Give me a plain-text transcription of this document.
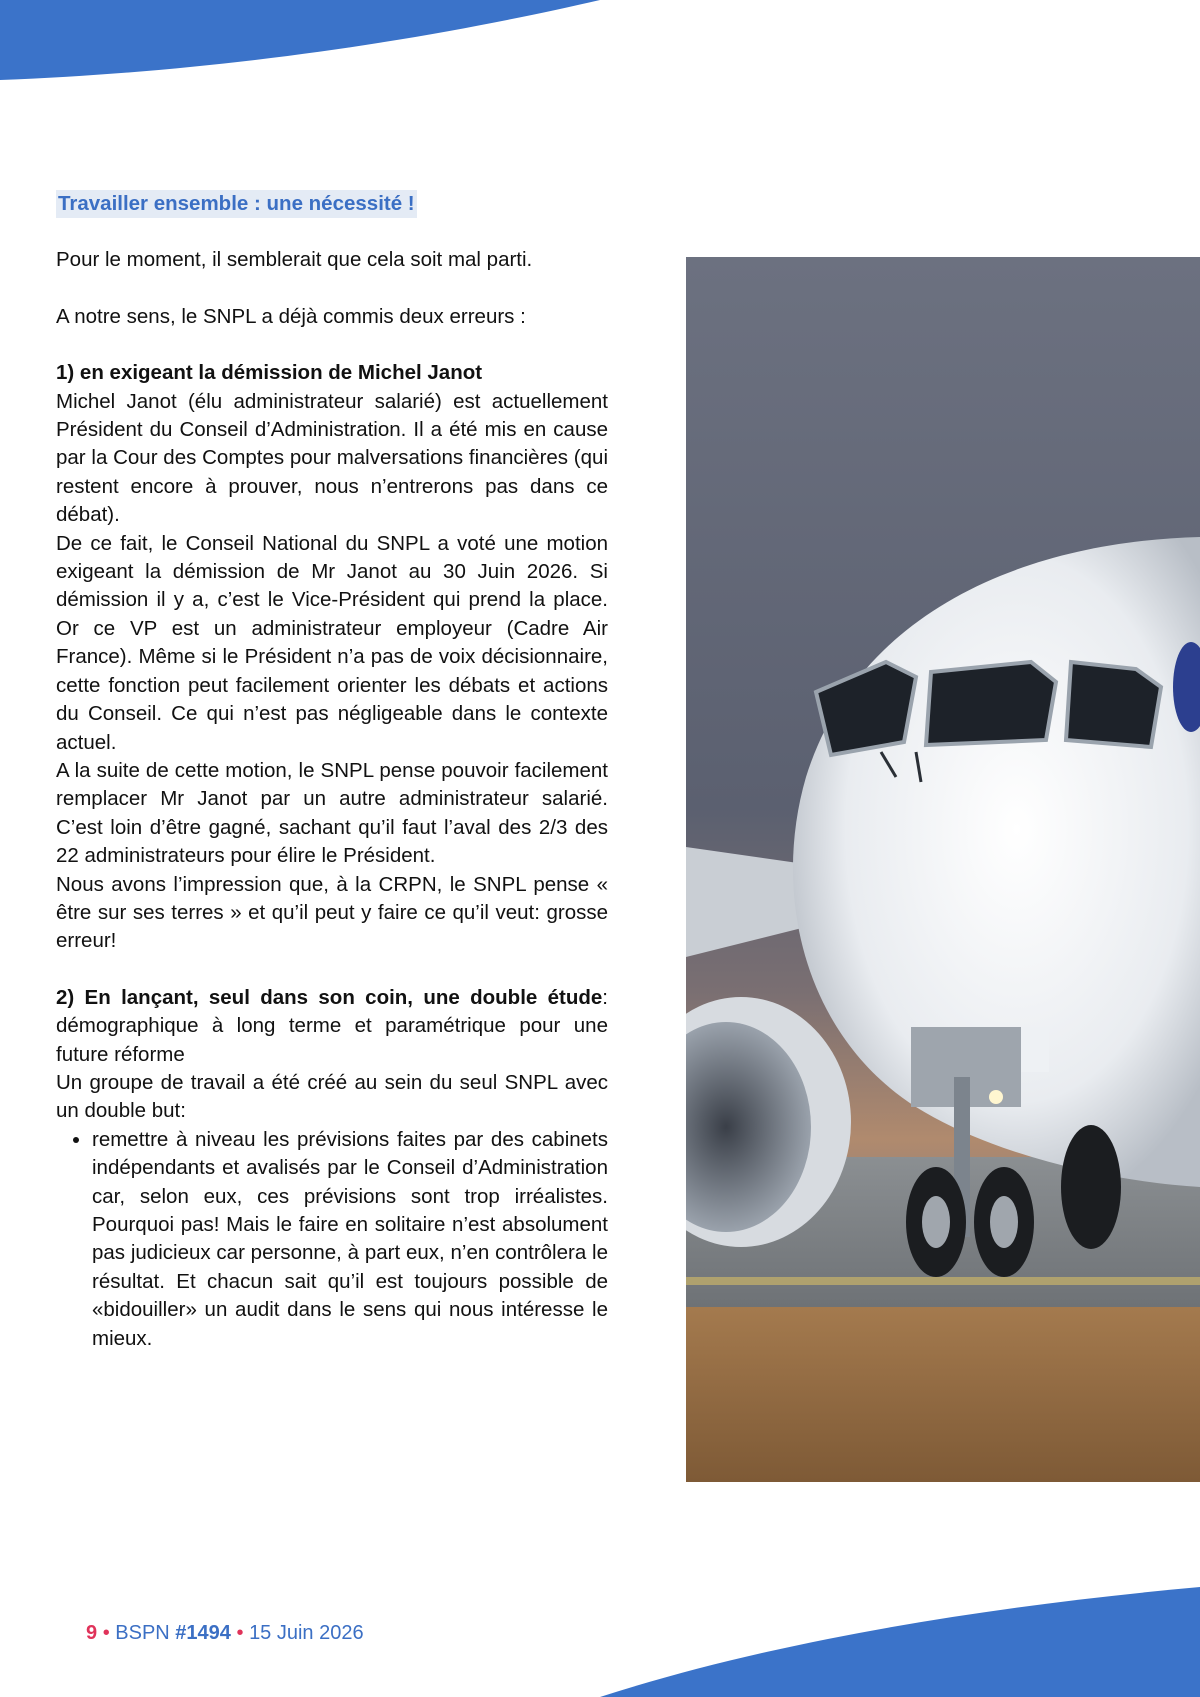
Travailler ensemble : une nécessité !

Pour le moment, il semblerait que cela soit mal parti.

A notre sens, le SNPL a déjà commis deux erreurs :

1) en exigeant la démission de Michel Janot

Michel Janot (élu administrateur salarié) est actuellement Président du Conseil d’Administration. Il a été mis en cause par la Cour des Comptes pour malversations financières (qui restent encore à prouver, nous n’entrerons pas dans ce débat).

De ce fait, le Conseil National du SNPL a voté une motion exigeant la démission de Mr Janot au 30 Juin 2026. Si démission il y a, c’est le Vice-Président qui prend la place. Or ce VP est un administrateur employeur (Cadre Air France). Même si le Président n’a pas de voix décisionnaire, cette fonction peut facilement orienter les débats et actions du Conseil. Ce qui n’est pas négligeable dans le contexte actuel.

A la suite de cette motion, le SNPL pense pouvoir facilement remplacer Mr Janot par un autre administrateur salarié. C’est loin d’être gagné, sachant qu’il faut l’aval des 2/3 des 22 administrateurs pour élire le Président.

Nous avons l’impression que, à la CRPN, le SNPL pense « être sur ses terres » et qu’il peut y faire ce qu’il veut: grosse erreur!

2) En lançant, seul dans son coin, une double étude: démographique à long terme et paramétrique pour une future réforme

Un groupe de travail a été créé au sein du seul SNPL avec un double but:

• remettre à niveau les prévisions faites par des cabinets indépendants et avalisés par le Conseil d’Administration car, selon eux, ces prévisions sont trop irréalistes. Pourquoi pas! Mais le faire en solitaire n’est absolument pas judicieux car personne, à part eux, n’en contrôlera le résultat. Et chacun sait qu’il est toujours possible de «bidouiller» un audit dans le sens qui nous intéresse le mieux.
9 • BSPN #1494 • 15 Juin 2026
